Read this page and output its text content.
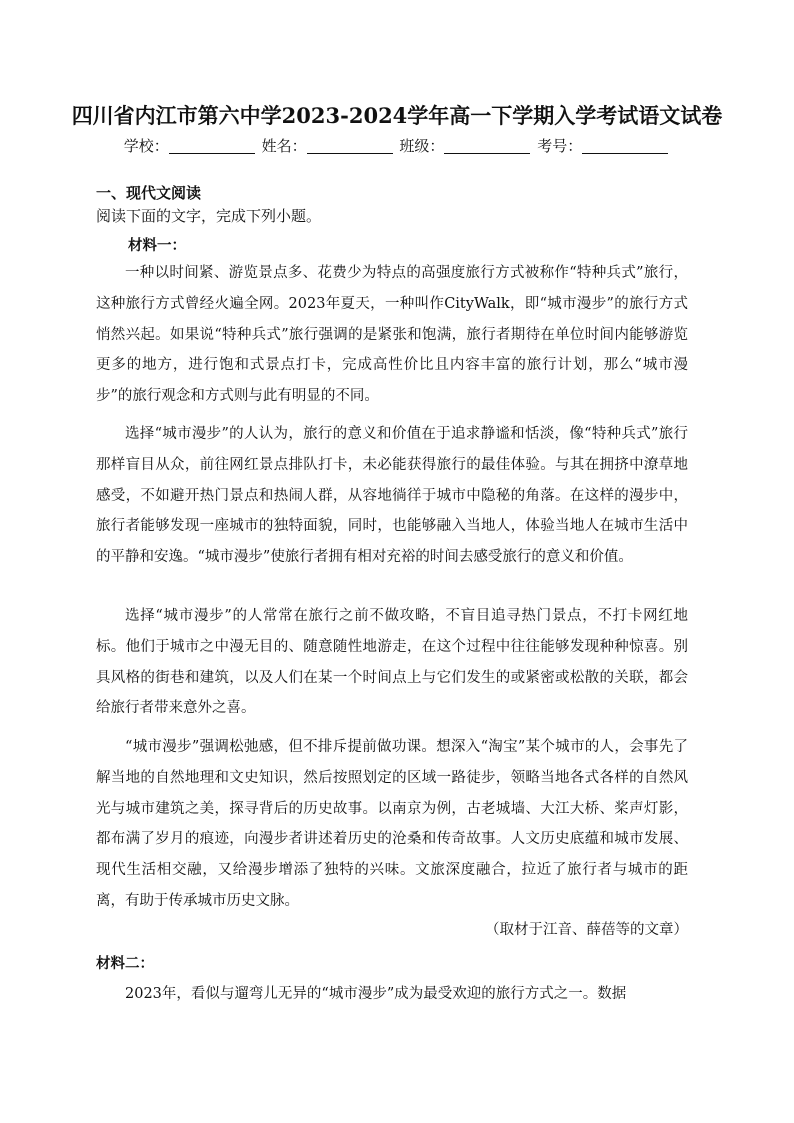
四川省内江市第六中学2023-2024学年高一下学期入学考试语文试卷
学校：	姓名：	班级：	考号：
一、现代文阅读
阅读下面的文字，完成下列小题。
材料一：
一种以时间紧、游览景点多、花费少为特点的高强度旅行方式被称作“特种兵式”旅行，这种旅行方式曾经火遍全网。2023年夏天，一种叫作CityWalk，即“城市漫步”的旅行方式悄然兴起。如果说“特种兵式”旅行强调的是紧张和饱满，旅行者期待在单位时间内能够游览更多的地方，进行饱和式景点打卡，完成高性价比且内容丰富的旅行计划，那么“城市漫步”的旅行观念和方式则与此有明显的不同。
选择“城市漫步”的人认为，旅行的意义和价值在于追求静谧和恬淡，像“特种兵式”旅行那样盲目从众，前往网红景点排队打卡，未必能获得旅行的最佳体验。与其在拥挤中潦草地感受，不如避开热门景点和热闹人群，从容地徜徉于城市中隐秘的角落。在这样的漫步中，旅行者能够发现一座城市的独特面貌，同时，也能够融入当地人，体验当地人在城市生活中的平静和安逸。“城市漫步”使旅行者拥有相对充裕的时间去感受旅行的意义和价值。
选择“城市漫步”的人常常在旅行之前不做攻略，不盲目追寻热门景点，不打卡网红地标。他们于城市之中漫无目的、随意随性地游走，在这个过程中往往能够发现种种惊喜。别具风格的街巷和建筑，以及人们在某一个时间点上与它们发生的或紧密或松散的关联，都会给旅行者带来意外之喜。
“城市漫步”强调松弛感，但不排斥提前做功课。想深入“淘宝”某个城市的人，会事先了解当地的自然地理和文史知识，然后按照划定的区域一路徒步，领略当地各式各样的自然风光与城市建筑之美，探寻背后的历史故事。以南京为例，古老城墙、大江大桥、桨声灯影，都布满了岁月的痕迹，向漫步者讲述着历史的沧桑和传奇故事。人文历史底蕴和城市发展、现代生活相交融，又给漫步增添了独特的兴味。文旅深度融合，拉近了旅行者与城市的距离，有助于传承城市历史文脉。
（取材于江音、薛蓓等的文章）
材料二：
2023年，看似与遛弯儿无异的“城市漫步”成为最受欢迎的旅行方式之一。数据
